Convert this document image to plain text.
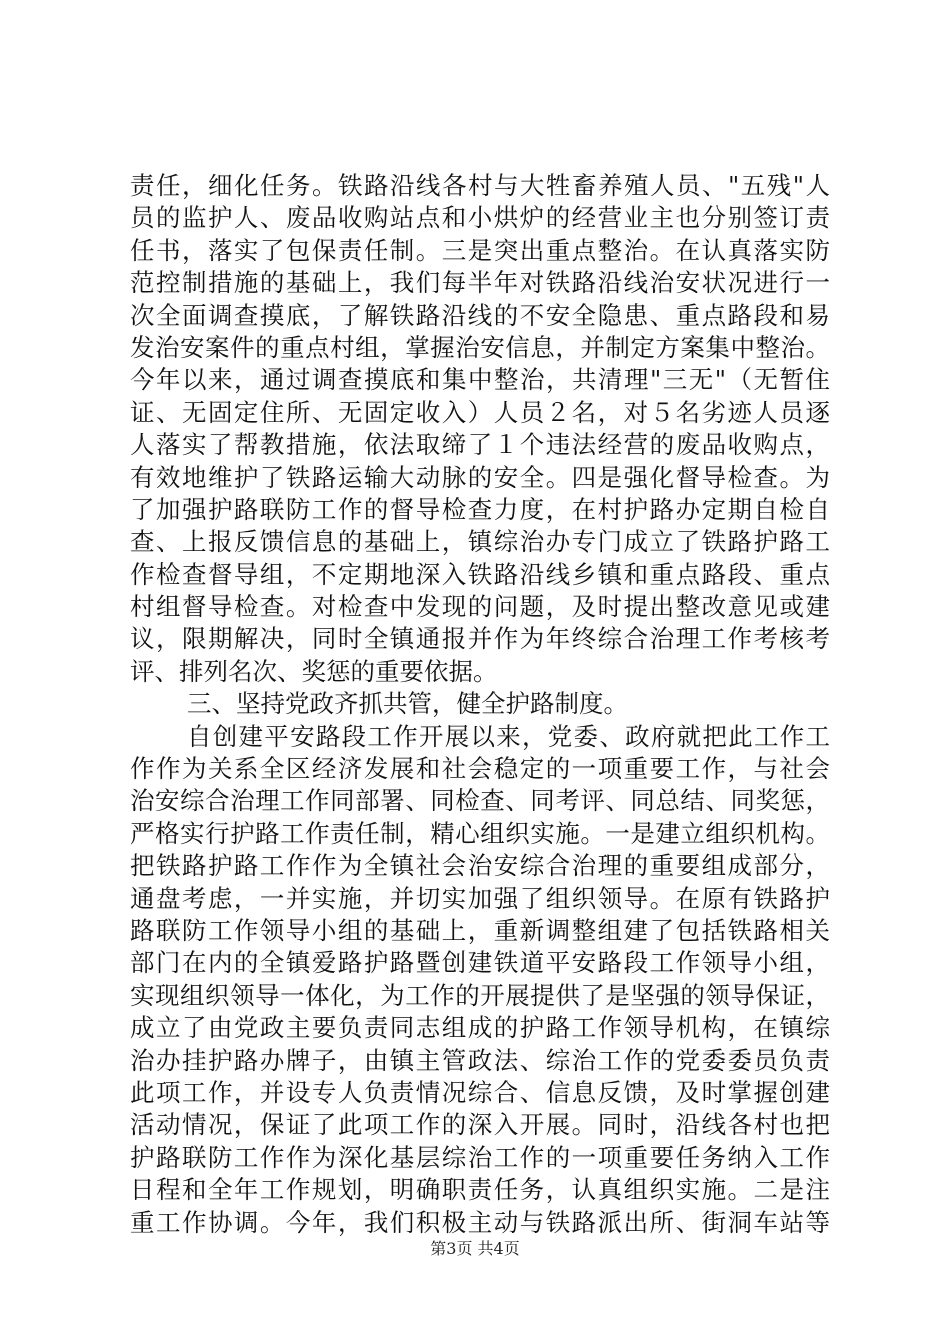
责任，细化任务。铁路沿线各村与大牲畜养殖人员、"五残"人
员的监护人、废品收购站点和小烘炉的经营业主也分别签订责
任书，落实了包保责任制。三是突出重点整治。在认真落实防
范控制措施的基础上，我们每半年对铁路沿线治安状况进行一
次全面调查摸底，了解铁路沿线的不安全隐患、重点路段和易
发治安案件的重点村组，掌握治安信息，并制定方案集中整治。
今年以来，通过调查摸底和集中整治，共清理"三无"（无暂住
证、无固定住所、无固定收入）人员２名，对５名劣迹人员逐
人落实了帮教措施，依法取缔了１个违法经营的废品收购点，
有效地维护了铁路运输大动脉的安全。四是强化督导检查。为
了加强护路联防工作的督导检查力度，在村护路办定期自检自
查、上报反馈信息的基础上，镇综治办专门成立了铁路护路工
作检查督导组，不定期地深入铁路沿线乡镇和重点路段、重点
村组督导检查。对检查中发现的问题，及时提出整改意见或建
议，限期解决，同时全镇通报并作为年终综合治理工作考核考
评、排列名次、奖惩的重要依据。
三、坚持党政齐抓共管，健全护路制度。
自创建平安路段工作开展以来，党委、政府就把此工作工
作作为关系全区经济发展和社会稳定的一项重要工作，与社会
治安综合治理工作同部署、同检查、同考评、同总结、同奖惩，
严格实行护路工作责任制，精心组织实施。一是建立组织机构。
把铁路护路工作作为全镇社会治安综合治理的重要组成部分，
通盘考虑，一并实施，并切实加强了组织领导。在原有铁路护
路联防工作领导小组的基础上，重新调整组建了包括铁路相关
部门在内的全镇爱路护路暨创建铁道平安路段工作领导小组，
实现组织领导一体化，为工作的开展提供了是坚强的领导保证，
成立了由党政主要负责同志组成的护路工作领导机构，在镇综
治办挂护路办牌子，由镇主管政法、综治工作的党委委员负责
此项工作，并设专人负责情况综合、信息反馈，及时掌握创建
活动情况，保证了此项工作的深入开展。同时，沿线各村也把
护路联防工作作为深化基层综治工作的一项重要任务纳入工作
日程和全年工作规划，明确职责任务，认真组织实施。二是注
重工作协调。今年，我们积极主动与铁路派出所、街洞车站等
第3页 共4页
